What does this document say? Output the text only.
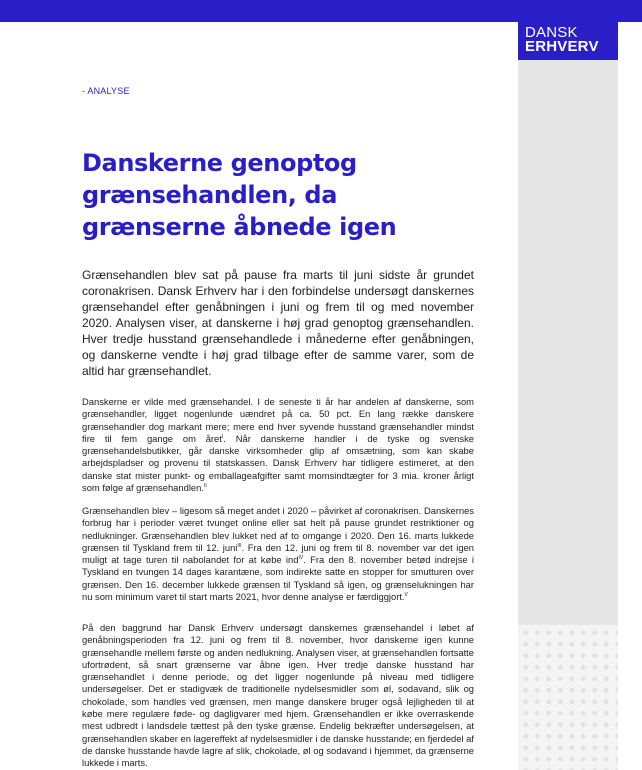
DANSK
ERHVERV
- ANALYSE
Danskerne genoptog
grænsehandlen, da
grænserne åbnede igen

Grænsehandlen blev sat på pause fra marts til juni sidste år grundet coronakrisen. Dansk Erhverv har i den forbindelse undersøgt danskernes grænsehandel efter genåbningen i juni og frem til og med november 2020. Analysen viser, at danskerne i høj grad genoptog grænsehandlen. Hver tredje husstand grænsehandlede i månederne efter genåbningen, og danskerne vendte i høj grad tilbage efter de samme varer, som de altid har grænsehandlet.

Danskerne er vilde med grænsehandel. I de seneste ti år har andelen af danskerne, som grænsehandler, ligget nogenlunde uændret på ca. 50 pct. En lang række danskere grænsehandler dog markant mere; mere end hver syvende husstand grænsehandler mindst fire til fem gange om året$^I$. Når danskerne handler i de tyske og svenske grænsehandelsbutikker, går danske virksomheder glip af omsætning, som kan skabe arbejdspladser og provenu til statskassen. Dansk Erhverv har tidligere estimeret, at den danske stat mister punkt- og emballageafgifter samt momsindtægter for 3 mia. kroner årligt som følge af grænsehandlen.$^{II}$

Grænsehandlen blev – ligesom så meget andet i 2020 – påvirket af coronakrisen. Danskernes forbrug har i perioder været tvunget online eller sat helt på pause grundet restriktioner og nedlukninger. Grænsehandlen blev lukket ned af to omgange i 2020. Den 16. marts lukkede grænsen til Tyskland frem til 12. juni$^{III}$. Fra den 12. juni og frem til 8. november var det igen muligt at tage turen til nabolandet for at købe ind$^{IV}$. Fra den 8. november betød indrejse i Tyskland en tvungen 14 dages karantæne, som indirekte satte en stopper for smutturen over grænsen. Den 16. december lukkede grænsen til Tyskland så igen, og grænselukningen har nu som minimum varet til start marts 2021, hvor denne analyse er færdiggjort.$^V$

På den baggrund har Dansk Erhverv undersøgt danskernes grænsehandel i løbet af genåbningsperioden fra 12. juni og frem til 8. november, hvor danskerne igen kunne grænsehandle mellem første og anden nedlukning. Analysen viser, at grænsehandlen fortsatte ufortrødent, så snart grænserne var åbne igen. Hver tredje danske husstand har grænsehandlet i denne periode, og det ligger nogenlunde på niveau med tidligere undersøgelser. Det er stadigvæk de traditionelle nydelsesmidler som øl, sodavand, slik og chokolade, som handles ved grænsen, men mange danskere bruger også lejligheden til at købe mere regulære føde- og dagligvarer med hjem. Grænsehandlen er ikke overraskende mest udbredt i landsdele tættest på den tyske grænse. Endelig bekræfter undersøgelsen, at grænsehandlen skaber en lagereffekt af nydelsesmidler i de danske husstande; en fjerdedel af de danske husstande havde lagre af slik, chokolade, øl og sodavand i hjemmet, da grænserne lukkede i marts.
